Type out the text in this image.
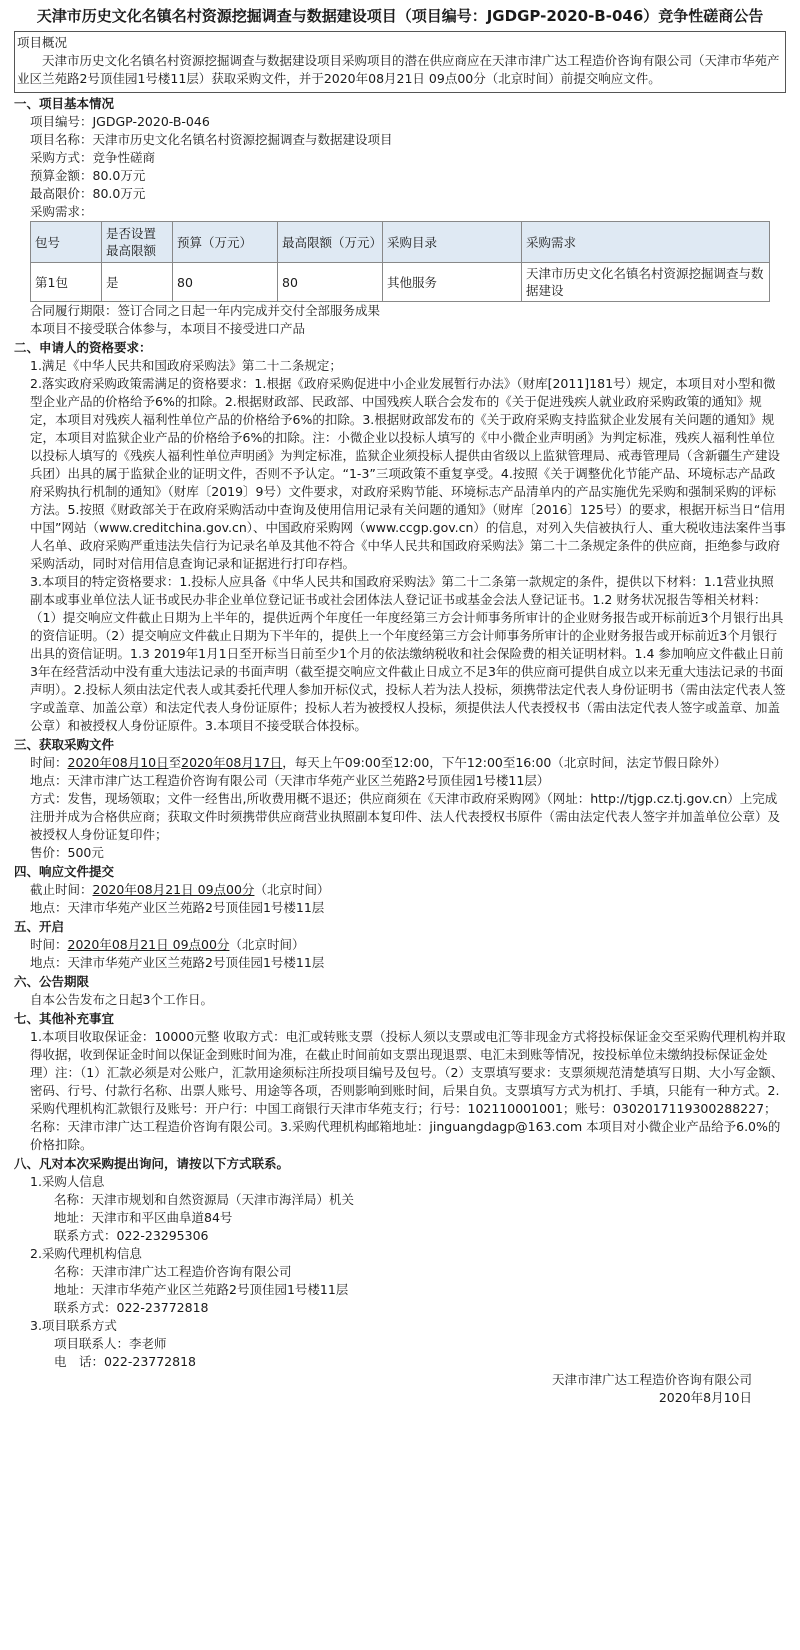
天津市历史文化名镇名村资源挖掘调查与数据建设项目（项目编号：JGDGP-2020-B-046）竞争性磋商公告
项目概况

天津市历史文化名镇名村资源挖掘调查与数据建设项目采购项目的潜在供应商应在天津市津广达工程造价咨询有限公司（天津市华苑产业区兰苑路2号顶佳园1号楼11层）获取采购文件，并于2020年08月21日 09点00分（北京时间）前提交响应文件。

一、项目基本情况

项目编号：JGDGP-2020-B-046

项目名称：天津市历史文化名镇名村资源挖掘调查与数据建设项目

采购方式：竞争性磋商

预算金额：80.0万元

最高限价：80.0万元

采购需求：

包号	是否设置最高限额	预算（万元）	最高限额（万元）	采购目录	采购需求
第1包	是	80	80	其他服务	天津市历史文化名镇名村资源挖掘调查与数据建设

合同履行期限：签订合同之日起一年内完成并交付全部服务成果

本项目不接受联合体参与，本项目不接受进口产品

二、申请人的资格要求：

1.满足《中华人民共和国政府采购法》第二十二条规定；

2.落实政府采购政策需满足的资格要求：1.根据《政府采购促进中小企业发展暂行办法》（财库[2011]181号）规定，本项目对小型和微型企业产品的价格给予6%的扣除。2.根据财政部、民政部、中国残疾人联合会发布的《关于促进残疾人就业政府采购政策的通知》规定，本项目对残疾人福利性单位产品的价格给予6%的扣除。3.根据财政部发布的《关于政府采购支持监狱企业发展有关问题的通知》规定，本项目对监狱企业产品的价格给予6%的扣除。注：小微企业以投标人填写的《中小微企业声明函》为判定标准，残疾人福利性单位以投标人填写的《残疾人福利性单位声明函》为判定标准，监狱企业须投标人提供由省级以上监狱管理局、戒毒管理局（含新疆生产建设兵团）出具的属于监狱企业的证明文件，否则不予认定。“1-3”三项政策不重复享受。4.按照《关于调整优化节能产品、环境标志产品政府采购执行机制的通知》（财库〔2019〕9号）文件要求，对政府采购节能、环境标志产品清单内的产品实施优先采购和强制采购的评标方法。5.按照《财政部关于在政府采购活动中查询及使用信用记录有关问题的通知》（财库〔2016〕125号）的要求，根据开标当日“信用中国”网站（www.creditchina.gov.cn）、中国政府采购网（www.ccgp.gov.cn）的信息，对列入失信被执行人、重大税收违法案件当事人名单、政府采购严重违法失信行为记录名单及其他不符合《中华人民共和国政府采购法》第二十二条规定条件的供应商，拒绝参与政府采购活动，同时对信用信息查询记录和证据进行打印存档。

3.本项目的特定资格要求：1.投标人应具备《中华人民共和国政府采购法》第二十二条第一款规定的条件，提供以下材料：1.1营业执照副本或事业单位法人证书或民办非企业单位登记证书或社会团体法人登记证书或基金会法人登记证书。1.2 财务状况报告等相关材料：（1）提交响应文件截止日期为上半年的，提供近两个年度任一年度经第三方会计师事务所审计的企业财务报告或开标前近3个月银行出具的资信证明。（2）提交响应文件截止日期为下半年的，提供上一个年度经第三方会计师事务所审计的企业财务报告或开标前近3个月银行出具的资信证明。1.3 2019年1月1日至开标当日前至少1个月的依法缴纳税收和社会保险费的相关证明材料。1.4 参加响应文件截止日前3年在经营活动中没有重大违法记录的书面声明（截至提交响应文件截止日成立不足3年的供应商可提供自成立以来无重大违法记录的书面声明）。2.投标人须由法定代表人或其委托代理人参加开标仪式，投标人若为法人投标，须携带法定代表人身份证明书（需由法定代表人签字或盖章、加盖公章）和法定代表人身份证原件；投标人若为被授权人投标，须提供法人代表授权书（需由法定代表人签字或盖章、加盖公章）和被授权人身份证原件。3.本项目不接受联合体投标。

三、获取采购文件

时间：2020年08月10日至2020年08月17日，每天上午09:00至12:00，下午12:00至16:00（北京时间，法定节假日除外）

地点：天津市津广达工程造价咨询有限公司（天津市华苑产业区兰苑路2号顶佳园1号楼11层）

方式：发售，现场领取；文件一经售出,所收费用概不退还；供应商须在《天津市政府采购网》（网址：http://tjgp.cz.tj.gov.cn）上完成注册并成为合格供应商；获取文件时须携带供应商营业执照副本复印件、法人代表授权书原件（需由法定代表人签字并加盖单位公章）及被授权人身份证复印件；

售价：500元

四、响应文件提交

截止时间：2020年08月21日 09点00分（北京时间）

地点：天津市华苑产业区兰苑路2号顶佳园1号楼11层

五、开启

时间：2020年08月21日 09点00分（北京时间）

地点：天津市华苑产业区兰苑路2号顶佳园1号楼11层

六、公告期限

自本公告发布之日起3个工作日。

七、其他补充事宜

1.本项目收取保证金：10000元整 收取方式：电汇或转账支票（投标人须以支票或电汇等非现金方式将投标保证金交至采购代理机构并取得收据，收到保证金时间以保证金到账时间为准，在截止时间前如支票出现退票、电汇未到账等情况，按投标单位未缴纳投标保证金处理）注：（1）汇款必须是对公账户，汇款用途须标注所投项目编号及包号。（2）支票填写要求：支票须规范清楚填写日期、大小写金额、密码、行号、付款行名称、出票人账号、用途等各项，否则影响到账时间，后果自负。支票填写方式为机打、手填，只能有一种方式。2.采购代理机构汇款银行及账号：开户行：中国工商银行天津市华苑支行；行号：102110001001；账号：0302017119300288227；名称：天津市津广达工程造价咨询有限公司。3.采购代理机构邮箱地址：jinguangdagp@163.com 本项目对小微企业产品给予6.0%的价格扣除。

八、凡对本次采购提出询问，请按以下方式联系。

1.采购人信息

名称：天津市规划和自然资源局（天津市海洋局）机关

地址：天津市和平区曲阜道84号

联系方式：022-23295306

2.采购代理机构信息

名称：天津市津广达工程造价咨询有限公司

地址：天津市华苑产业区兰苑路2号顶佳园1号楼11层

联系方式：022-23772818

3.项目联系方式

项目联系人：李老师

电　话：022-23772818

天津市津广达工程造价咨询有限公司

2020年8月10日
